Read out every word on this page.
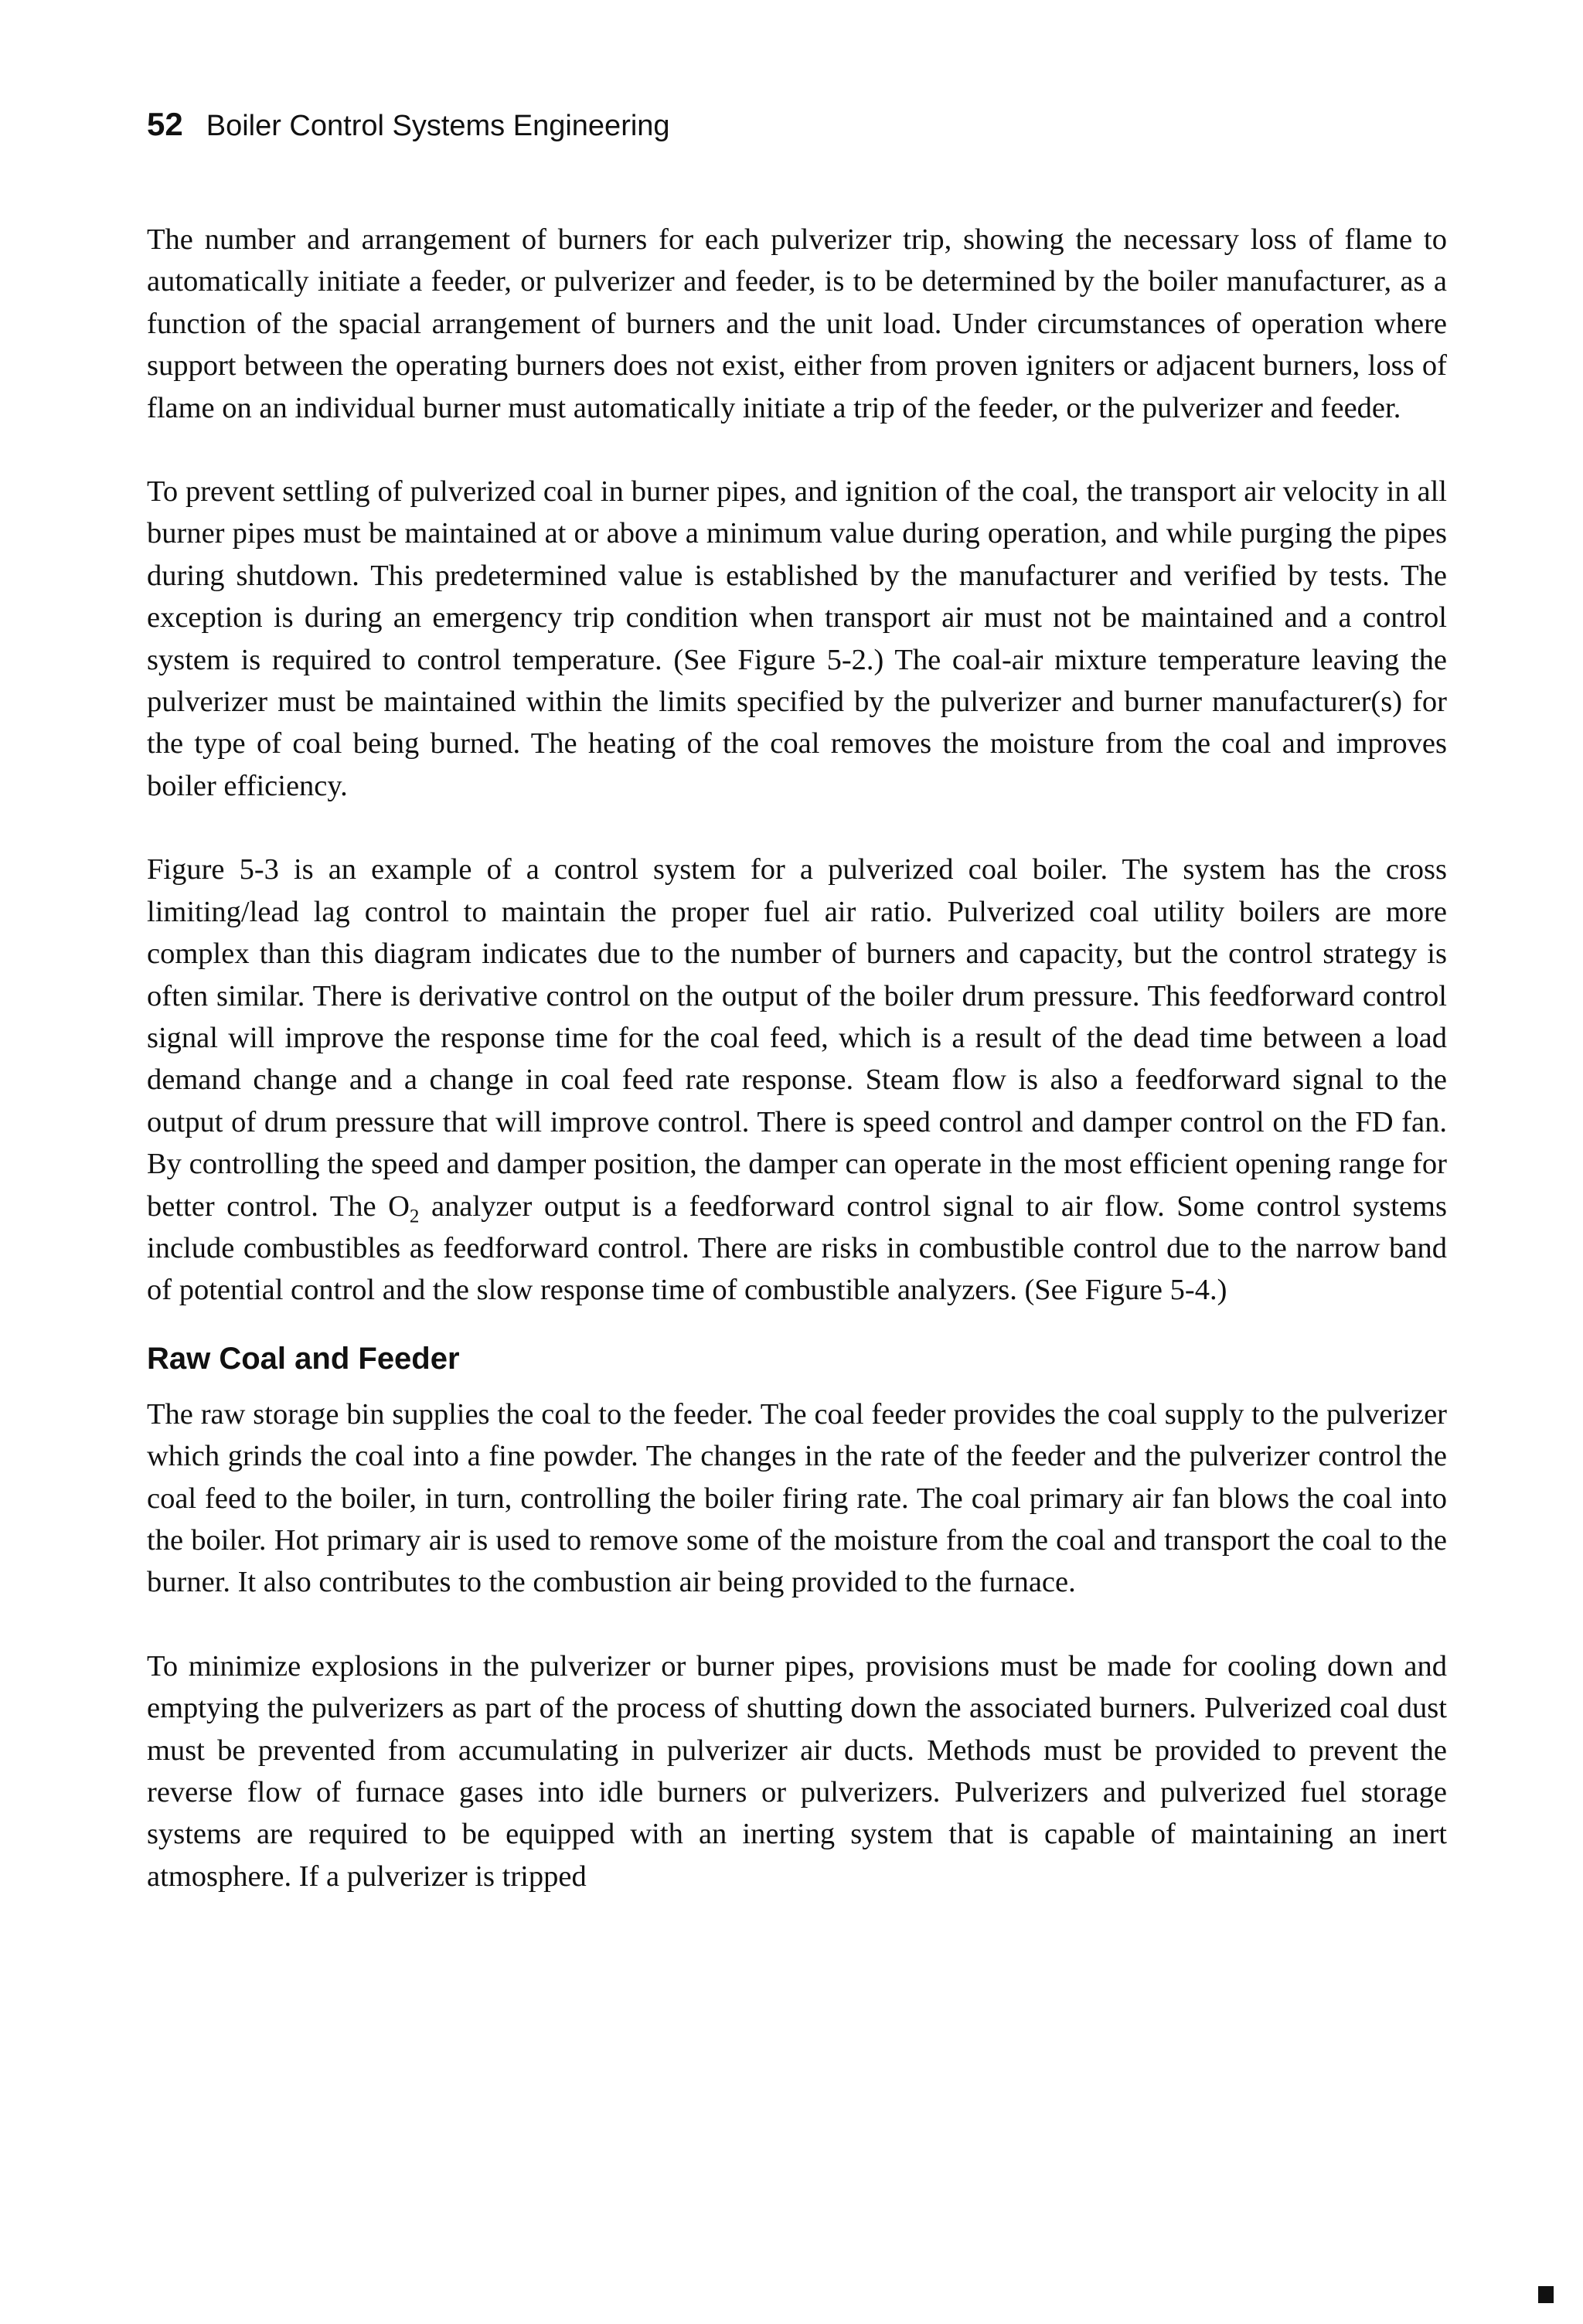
52 Boiler Control Systems Engineering

The number and arrangement of burners for each pulverizer trip, showing the necessary loss of flame to automatically initiate a feeder, or pulverizer and feeder, is to be determined by the boiler manufacturer, as a function of the spacial arrangement of burners and the unit load. Under circumstances of operation where support between the operating burners does not exist, either from proven igniters or adjacent burners, loss of flame on an individual burner must automatically initiate a trip of the feeder, or the pulverizer and feeder.

To prevent settling of pulverized coal in burner pipes, and ignition of the coal, the transport air velocity in all burner pipes must be maintained at or above a minimum value during operation, and while purging the pipes during shutdown. This predetermined value is established by the manufacturer and verified by tests. The exception is during an emergency trip condition when transport air must not be maintained and a control system is required to control temperature. (See Figure 5-2.) The coal-air mixture temperature leaving the pulverizer must be maintained within the limits specified by the pulverizer and burner manufacturer(s) for the type of coal being burned. The heating of the coal removes the moisture from the coal and improves boiler efficiency.

Figure 5-3 is an example of a control system for a pulverized coal boiler. The system has the cross limiting/lead lag control to maintain the proper fuel air ratio. Pulverized coal utility boilers are more complex than this diagram indicates due to the number of burners and capacity, but the control strategy is often similar. There is derivative control on the output of the boiler drum pressure. This feedforward control signal will improve the response time for the coal feed, which is a result of the dead time between a load demand change and a change in coal feed rate response. Steam flow is also a feedforward signal to the output of drum pressure that will improve control. There is speed control and damper control on the FD fan. By controlling the speed and damper position, the damper can operate in the most efficient opening range for better control. The $O_2$ analyzer output is a feedforward control signal to air flow. Some control systems include combustibles as feedforward control. There are risks in combustible control due to the narrow band of potential control and the slow response time of combustible analyzers. (See Figure 5-4.)

Raw Coal and Feeder

The raw storage bin supplies the coal to the feeder. The coal feeder provides the coal supply to the pulverizer which grinds the coal into a fine powder. The changes in the rate of the feeder and the pulverizer control the coal feed to the boiler, in turn, controlling the boiler firing rate. The coal primary air fan blows the coal into the boiler. Hot primary air is used to remove some of the moisture from the coal and transport the coal to the burner. It also contributes to the combustion air being provided to the furnace.

To minimize explosions in the pulverizer or burner pipes, provisions must be made for cooling down and emptying the pulverizers as part of the process of shutting down the associated burners. Pulverized coal dust must be prevented from accumulating in pulverizer air ducts. Methods must be provided to prevent the reverse flow of furnace gases into idle burners or pulverizers. Pulverizers and pulverized fuel storage systems are required to be equipped with an inerting system that is capable of maintaining an inert atmosphere. If a pulverizer is tripped
